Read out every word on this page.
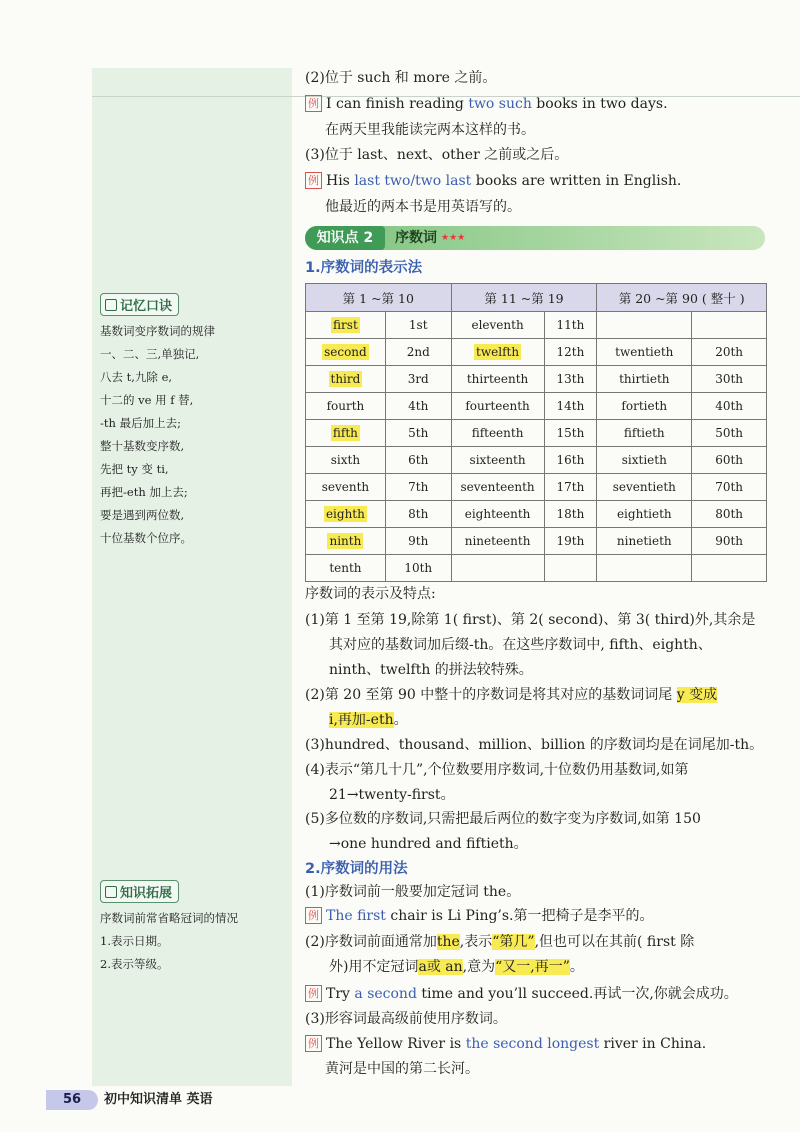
记忆口诀
基数词变序数词的规律
一、二、三,单独记,
八去 t,九除 e,
十二的 ve 用 f 替,
-th 最后加上去;
整十基数变序数,
先把 ty 变 ti,
再把-eth 加上去;
要是遇到两位数,
十位基数个位序。
知识拓展
序数词前常省略冠词的情况
1.表示日期。
2.表示等级。
(2)位于 such 和 more 之前。
例 I can finish reading two such books in two days.
在两天里我能读完两本这样的书。
(3)位于 last、next、other 之前或之后。
例 His last two/two last books are written in English.
他最近的两本书是用英语写的。
知识点 2	序数词 ★★★
1.序数词的表示法
第 1 ~第 10		第 11 ~第 19		第 20 ~第 90 ( 整十 )	
first	1st	eleventh	11th		
second	2nd	twelfth	12th	twentieth	20th
third	3rd	thirteenth	13th	thirtieth	30th
fourth	4th	fourteenth	14th	fortieth	40th
fifth	5th	fifteenth	15th	fiftieth	50th
sixth	6th	sixteenth	16th	sixtieth	60th
seventh	7th	seventeenth	17th	seventieth	70th
eighth	8th	eighteenth	18th	eightieth	80th
ninth	9th	nineteenth	19th	ninetieth	90th
tenth	10th				
序数词的表示及特点:
(1)第 1 至第 19,除第 1( first)、第 2( second)、第 3( third)外,其余是
其对应的基数词加后缀-th。在这些序数词中, fifth、eighth、
ninth、twelfth 的拼法较特殊。
(2)第 20 至第 90 中整十的序数词是将其对应的基数词词尾 y 变成
i,再加-eth。
(3)hundred、thousand、million、billion 的序数词均是在词尾加-th。
(4)表示“第几十几”,个位数要用序数词,十位数仍用基数词,如第
21→twenty-first。
(5)多位数的序数词,只需把最后两位的数字变为序数词,如第 150
→one hundred and fiftieth。
2.序数词的用法
(1)序数词前一般要加定冠词 the。
例 The first chair is Li Ping’s.第一把椅子是李平的。
(2)序数词前面通常加the,表示“第几”,但也可以在其前( first 除
外)用不定冠词a或 an,意为“又一,再一”。
例 Try a second time and you’ll succeed.再试一次,你就会成功。
(3)形容词最高级前使用序数词。
例 The Yellow River is the second longest river in China.
黄河是中国的第二长河。
56	初中知识清单 英语
